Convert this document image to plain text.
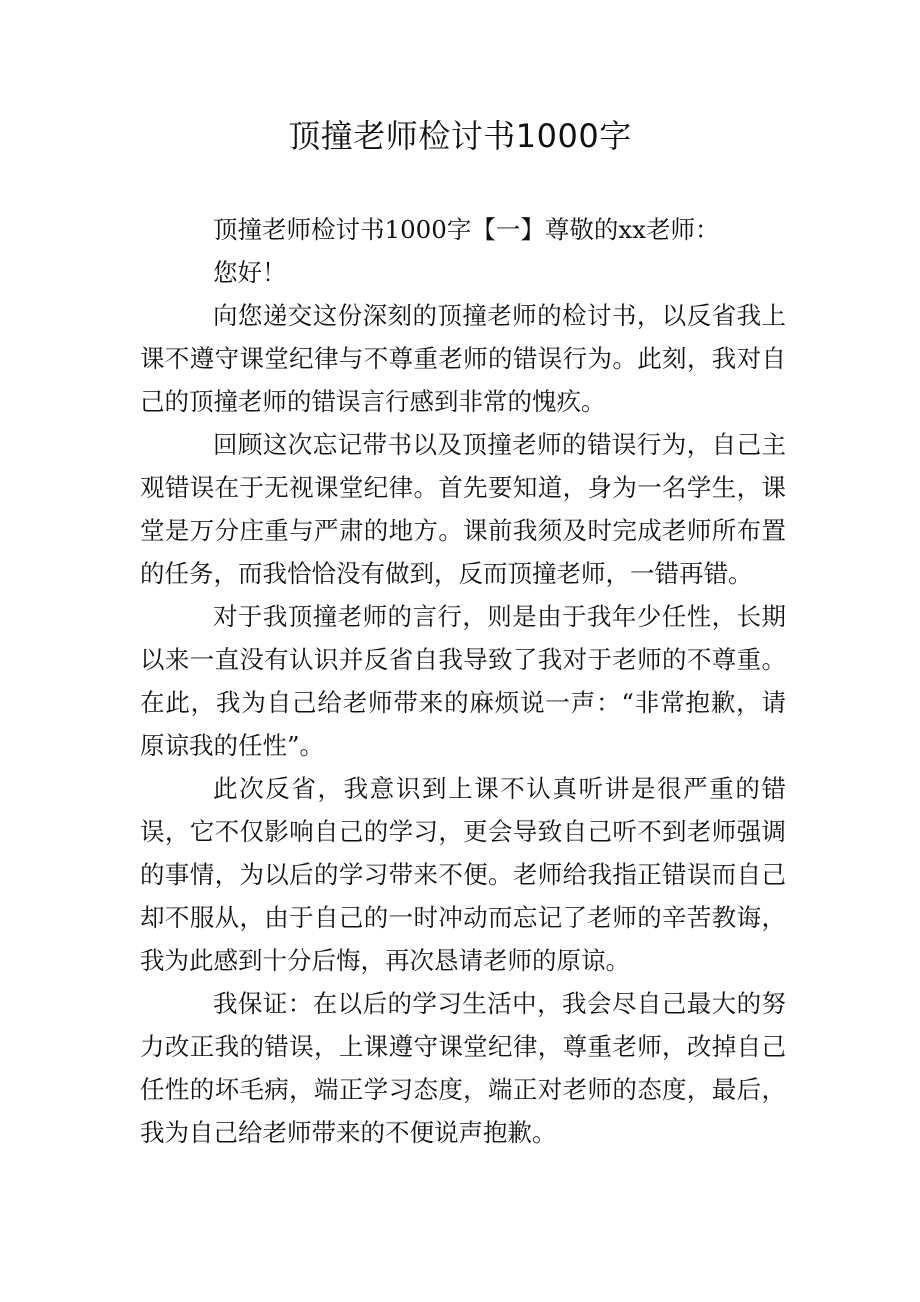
顶撞老师检讨书1000字

顶撞老师检讨书1000字【一】尊敬的xx老师：

您好！

向您递交这份深刻的顶撞老师的检讨书，以反省我上课不遵守课堂纪律与不尊重老师的错误行为。此刻，我对自己的顶撞老师的错误言行感到非常的愧疚。

回顾这次忘记带书以及顶撞老师的错误行为，自己主观错误在于无视课堂纪律。首先要知道，身为一名学生，课堂是万分庄重与严肃的地方。课前我须及时完成老师所布置的任务，而我恰恰没有做到，反而顶撞老师，一错再错。

对于我顶撞老师的言行，则是由于我年少任性，长期以来一直没有认识并反省自我导致了我对于老师的不尊重。在此，我为自己给老师带来的麻烦说一声：“非常抱歉，请原谅我的任性”。

此次反省，我意识到上课不认真听讲是很严重的错误，它不仅影响自己的学习，更会导致自己听不到老师强调的事情，为以后的学习带来不便。老师给我指正错误而自己却不服从，由于自己的一时冲动而忘记了老师的辛苦教诲，我为此感到十分后悔，再次恳请老师的原谅。

我保证：在以后的学习生活中，我会尽自己最大的努力改正我的错误，上课遵守课堂纪律，尊重老师，改掉自己任性的坏毛病，端正学习态度，端正对老师的态度，最后，我为自己给老师带来的不便说声抱歉。
